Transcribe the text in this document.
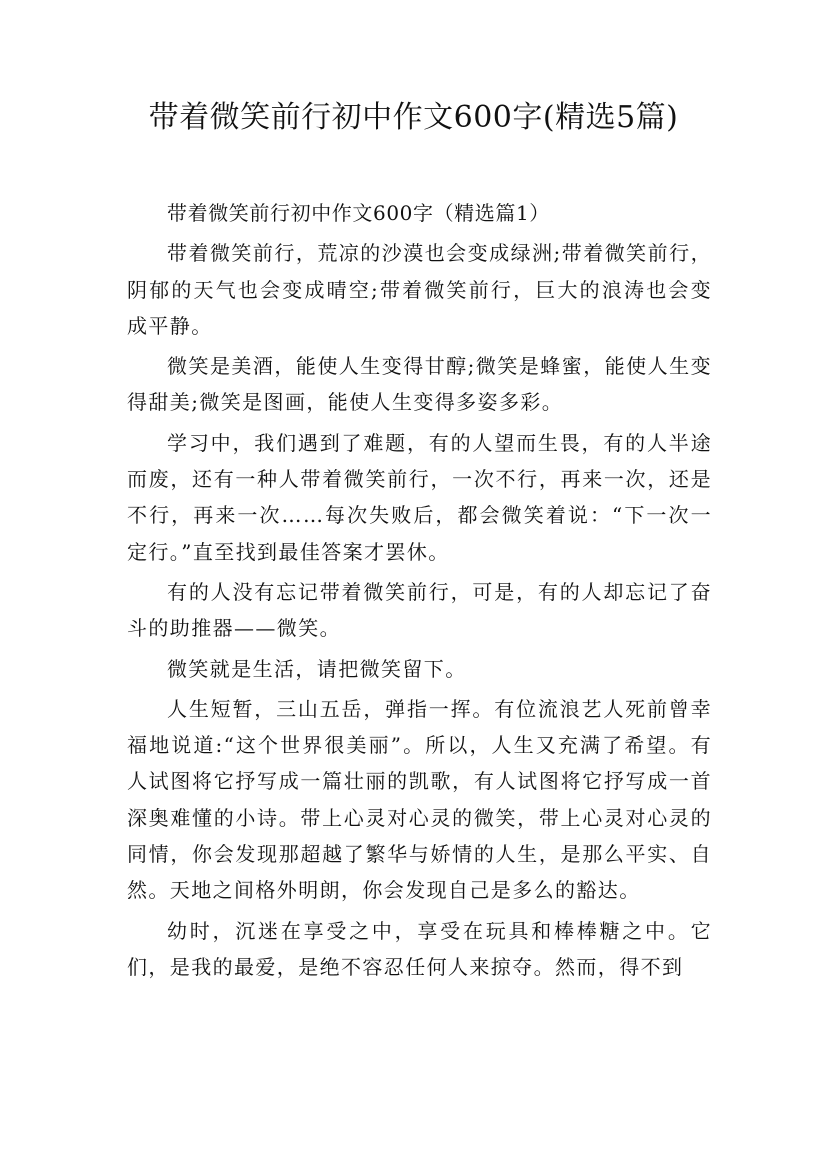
带着微笑前行初中作文600字(精选5篇)

带着微笑前行初中作文600字（精选篇1）

带着微笑前行，荒凉的沙漠也会变成绿洲;带着微笑前行，阴郁的天气也会变成晴空;带着微笑前行，巨大的浪涛也会变成平静。

微笑是美酒，能使人生变得甘醇;微笑是蜂蜜，能使人生变得甜美;微笑是图画，能使人生变得多姿多彩。

学习中，我们遇到了难题，有的人望而生畏，有的人半途而废，还有一种人带着微笑前行，一次不行，再来一次，还是不行，再来一次……每次失败后，都会微笑着说：“下一次一定行。”直至找到最佳答案才罢休。

有的人没有忘记带着微笑前行，可是，有的人却忘记了奋斗的助推器——微笑。

微笑就是生活，请把微笑留下。

人生短暂，三山五岳，弹指一挥。有位流浪艺人死前曾幸福地说道:“这个世界很美丽”。所以，人生又充满了希望。有人试图将它抒写成一篇壮丽的凯歌，有人试图将它抒写成一首深奥难懂的小诗。带上心灵对心灵的微笑，带上心灵对心灵的同情，你会发现那超越了繁华与娇情的人生，是那么平实、自然。天地之间格外明朗，你会发现自己是多么的豁达。

幼时，沉迷在享受之中，享受在玩具和棒棒糖之中。它们，是我的最爱，是绝不容忍任何人来掠夺。然而，得不到
